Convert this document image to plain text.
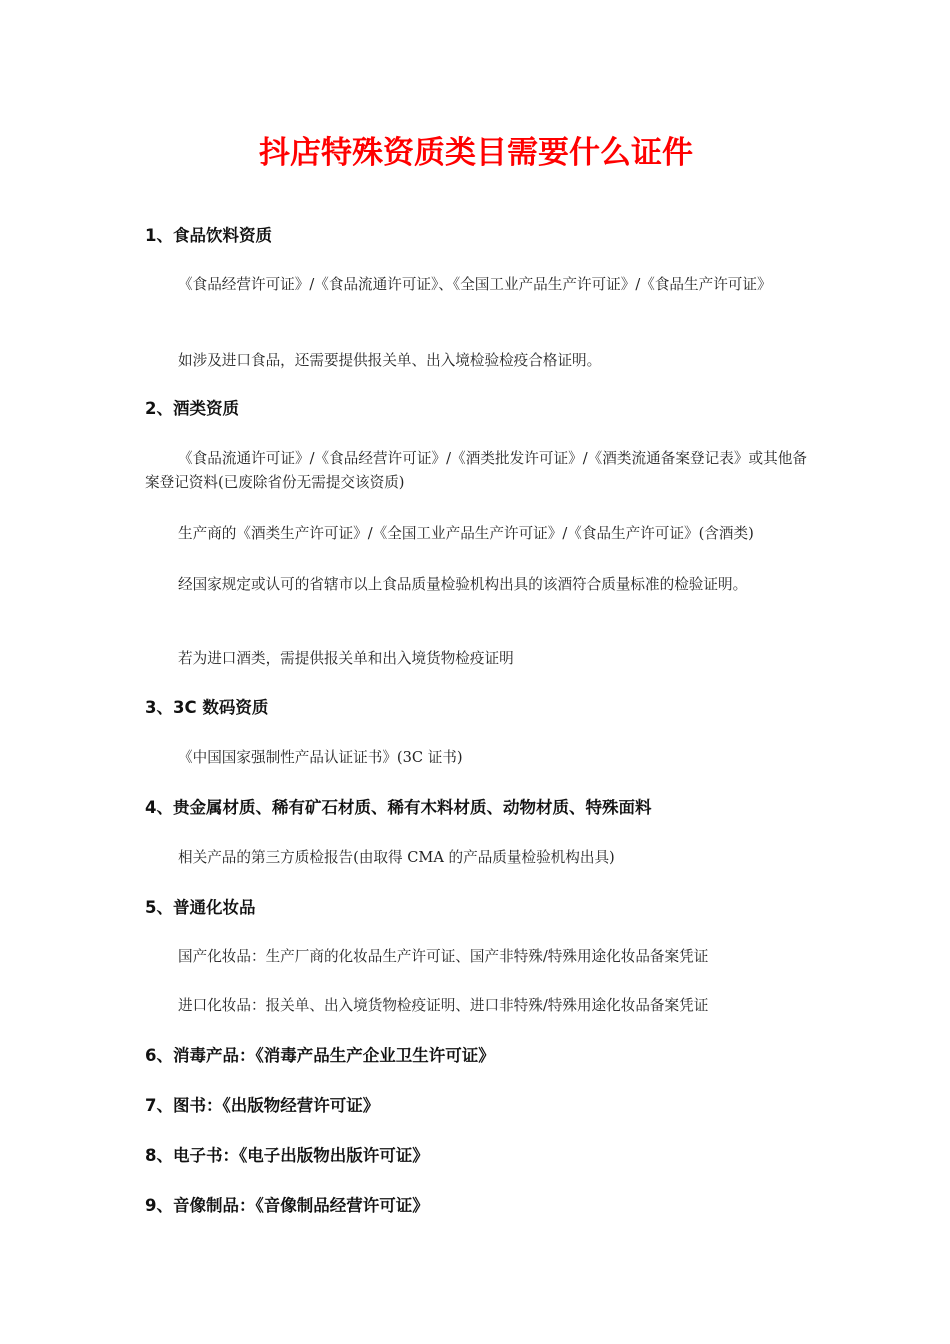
抖店特殊资质类目需要什么证件
1、食品饮料资质

《食品经营许可证》/《食品流通许可证》、《全国工业产品生产许可证》/《食品生产许可证》

如涉及进口食品，还需要提供报关单、出入境检验检疫合格证明。

2、酒类资质

《食品流通许可证》/《食品经营许可证》/《酒类批发许可证》/《酒类流通备案登记表》或其他备案登记资料(已废除省份无需提交该资质)

生产商的《酒类生产许可证》/《全国工业产品生产许可证》/《食品生产许可证》(含酒类)

经国家规定或认可的省辖市以上食品质量检验机构出具的该酒符合质量标准的检验证明。

若为进口酒类，需提供报关单和出入境货物检疫证明

3、3C 数码资质

《中国国家强制性产品认证证书》(3C 证书)

4、贵金属材质、稀有矿石材质、稀有木料材质、动物材质、特殊面料

相关产品的第三方质检报告(由取得 CMA 的产品质量检验机构出具)

5、普通化妆品

国产化妆品：生产厂商的化妆品生产许可证、国产非特殊/特殊用途化妆品备案凭证

进口化妆品：报关单、出入境货物检疫证明、进口非特殊/特殊用途化妆品备案凭证

6、消毒产品：《消毒产品生产企业卫生许可证》
7、图书：《出版物经营许可证》
8、电子书：《电子出版物出版许可证》
9、音像制品：《音像制品经营许可证》
